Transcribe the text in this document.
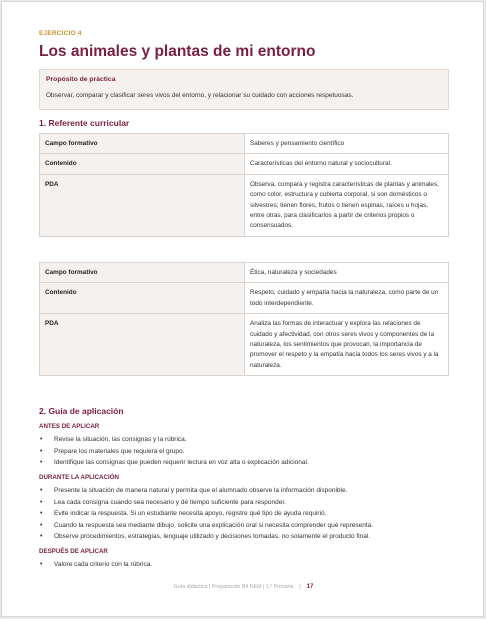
EJERCICIO 4
Los animales y plantas de mi entorno
Propósito de práctica
Observar, comparar y clasificar seres vivos del entorno, y relacionar su cuidado con acciones respetuosas.
1. Referente curricular
Campo formativo	Saberes y pensamiento científico
Contenido	Características del entorno natural y sociocultural.
PDA	Observa, compara y registra características de plantas y animales, como color, estructura y cubierta corporal, si son domésticos o silvestres; tienen flores, frutos o tienen espinas, raíces u hojas, entre otras, para clasificarlos a partir de criterios propios o consensuados.
Campo formativo	Ética, naturaleza y sociedades
Contenido	Respeto, cuidado y empatía hacia la naturaleza, como parte de un todo interdependiente.
PDA	Analiza las formas de interactuar y explora las relaciones de cuidado y afectividad, con otros seres vivos y componentes de la naturaleza, los sentimientos que provocan, la importancia de promover el respeto y la empatía hacia todos los seres vivos y a la naturaleza.
2. Guía de aplicación
ANTES DE APLICAR
• Revise la situación, las consignas y la rúbrica.
• Prepare los materiales que requiera el grupo.
• Identifique las consignas que pueden requerir lectura en voz alta o explicación adicional.
DURANTE LA APLICACIÓN
• Presente la situación de manera natural y permita que el alumnado observe la información disponible.
• Lea cada consigna cuando sea necesario y dé tiempo suficiente para responder.
• Evite indicar la respuesta. Si un estudiante necesita apoyo, registre qué tipo de ayuda requirió.
• Cuando la respuesta sea mediante dibujo, solicite una explicación oral si necesita comprender qué representa.
• Observe procedimientos, estrategias, lenguaje utilizado y decisiones tomadas, no solamente el producto final.
DESPUÉS DE APLICAR
• Valore cada criterio con la rúbrica.
Guía didáctica | Preparación B4 NEM | 1.º Primaria | 17
